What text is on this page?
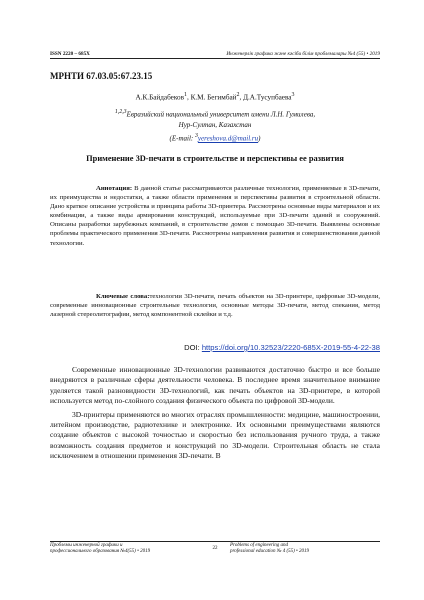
ISSN 2220 – 685X	Инженерлік графика және кәсіби білім проблемалары №4 (55) • 2019
МРНТИ 67.03.05:67.23.15
А.К.Байдабеков$^1$, К.М. Бегимбай$^2$, Д.А.Тусупбаева$^3$
$^{1,2,3}$Евразийский национальный университет имени Л.Н. Гумилева,
Нур-Султан, Казахстан
(E-mail: $^3$yereshova.d@mail.ru)
Применение 3D-печати в строительстве и перспективы ее развития
Аннотация: В данной статье рассматриваются различные технологии, применяемые в 3D-печати, их преимущества и недостатки, а также области применения и перспективы развития в строительной области. Дано краткое описание устройства и принципа работы 3D-принтера. Рассмотрены основные виды материалов и их комбинации, а также виды армирования конструкций, используемые при 3D-печати зданий и сооружений. Описаны разработки зарубежных компаний, в строительстве домов с помощью 3D-печати. Выявлены основные проблемы практического применения 3D-печати. Рассмотрены направления развития и совершенствования данной технологии.
Ключевые слова:технологии 3D-печати, печать объектов на 3D-принтере, цифровые 3D-модели, современные инновационные строительные технологии, основные методы 3D-печати, метод спекания, метод лазерной стереолитографии, метод компонентной склейки и т.д.
DOI: https://doi.org/10.32523/2220-685X-2019-55-4-22-38

Современные инновационные 3D-технологии развиваются достаточно быстро и все больше внедряются в различные сферы деятельности человека. В последнее время значительное внимание уделяется такой разновидности 3D-технологий, как печать объектов на 3D-принтере, в которой используется метод по-слойного создания физического объекта по цифровой 3D-модели.

3D-принтеры применяются во многих отраслях промышленности: медицине, машиностроении, литейном производстве, радиотехнике и электронике. Их основными преимуществами являются создание объектов с высокой точностью и скоростью без использования ручного труда, а также возможность создания предметов и конструкций по 3D-модели. Строительная область не стала исключением в отношении применения 3D-печати. В

Проблемы инженерной графики и
профессионального образования №4(55) • 2019
22
Problems of engineering and
professional education № 4 (55) • 2019
